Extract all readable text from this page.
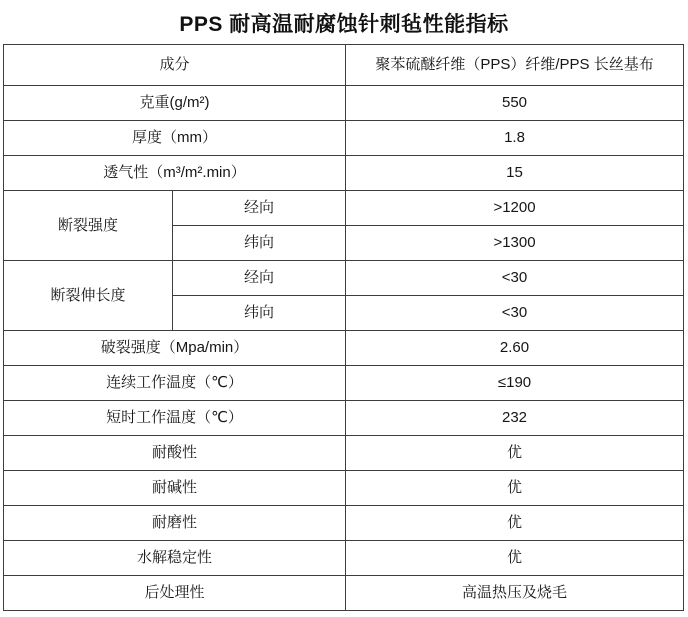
PPS 耐高温耐腐蚀针刺毡性能指标
成分		聚苯硫醚纤维（PPS）纤维/PPS 长丝基布
克重(g/m²)		550
厚度（mm）		1.8
透气性（m³/m².min）		15
断裂强度	经向	>1200
	纬向	>1300
断裂伸长度	经向	<30
	纬向	<30
破裂强度（Mpa/min）		2.60
连续工作温度（℃）		≤190
短时工作温度（℃）		232
耐酸性		优
耐碱性		优
耐磨性		优
水解稳定性		优
后处理性		高温热压及烧毛
